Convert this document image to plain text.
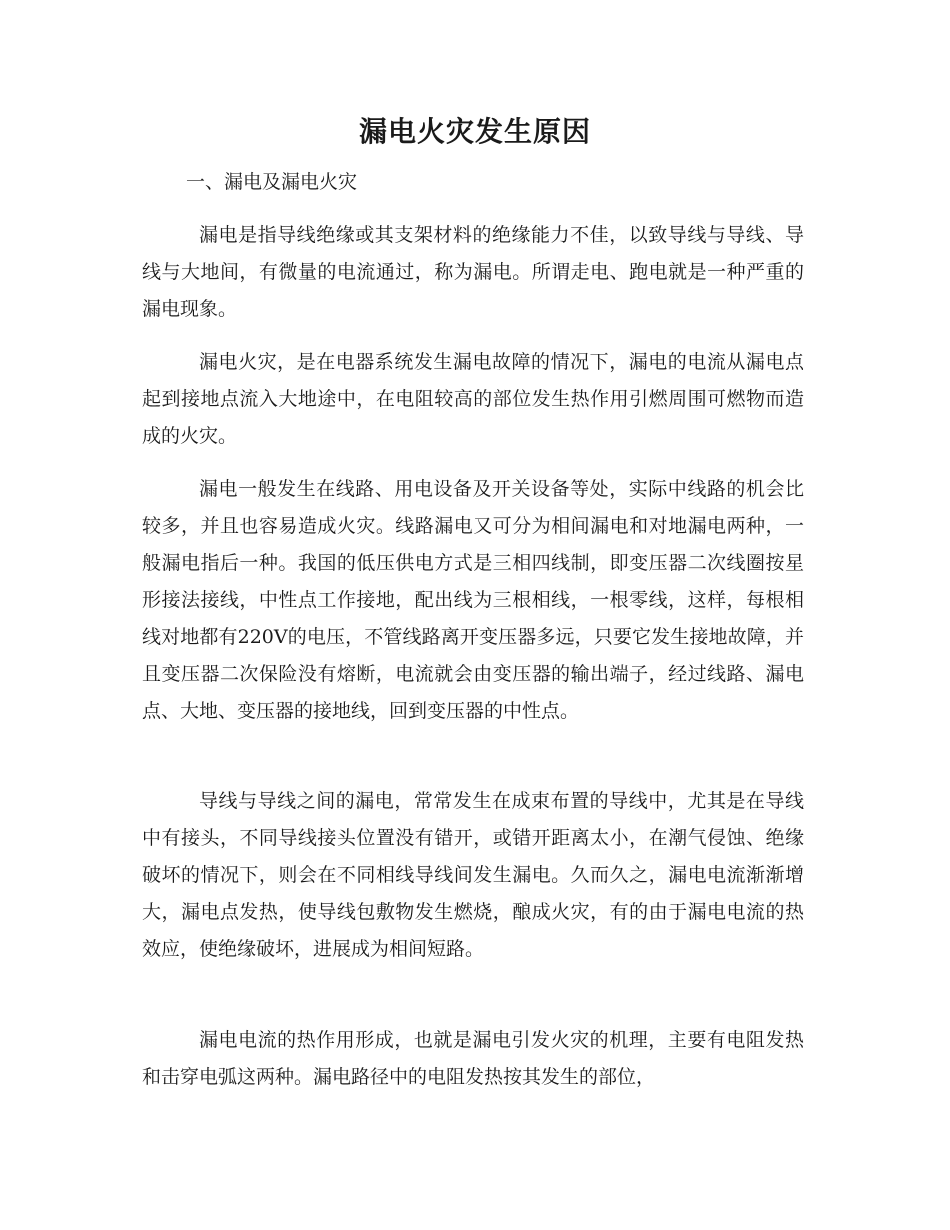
漏电火灾发生原因
一、漏电及漏电火灾

漏电是指导线绝缘或其支架材料的绝缘能力不佳，以致导线与导线、导线与大地间，有微量的电流通过，称为漏电。所谓走电、跑电就是一种严重的漏电现象。

漏电火灾，是在电器系统发生漏电故障的情况下，漏电的电流从漏电点起到接地点流入大地途中，在电阻较高的部位发生热作用引燃周围可燃物而造成的火灾。

漏电一般发生在线路、用电设备及开关设备等处，实际中线路的机会比较多，并且也容易造成火灾。线路漏电又可分为相间漏电和对地漏电两种，一般漏电指后一种。我国的低压供电方式是三相四线制，即变压器二次线圈按星形接法接线，中性点工作接地，配出线为三根相线，一根零线，这样，每根相线对地都有220V的电压，不管线路离开变压器多远，只要它发生接地故障，并且变压器二次保险没有熔断，电流就会由变压器的输出端子，经过线路、漏电点、大地、变压器的接地线，回到变压器的中性点。

导线与导线之间的漏电，常常发生在成束布置的导线中，尤其是在导线中有接头，不同导线接头位置没有错开，或错开距离太小，在潮气侵蚀、绝缘破坏的情况下，则会在不同相线导线间发生漏电。久而久之，漏电电流渐渐增大，漏电点发热，使导线包敷物发生燃烧，酿成火灾，有的由于漏电电流的热效应，使绝缘破坏，进展成为相间短路。

漏电电流的热作用形成，也就是漏电引发火灾的机理，主要有电阻发热和击穿电弧这两种。漏电路径中的电阻发热按其发生的部位，
